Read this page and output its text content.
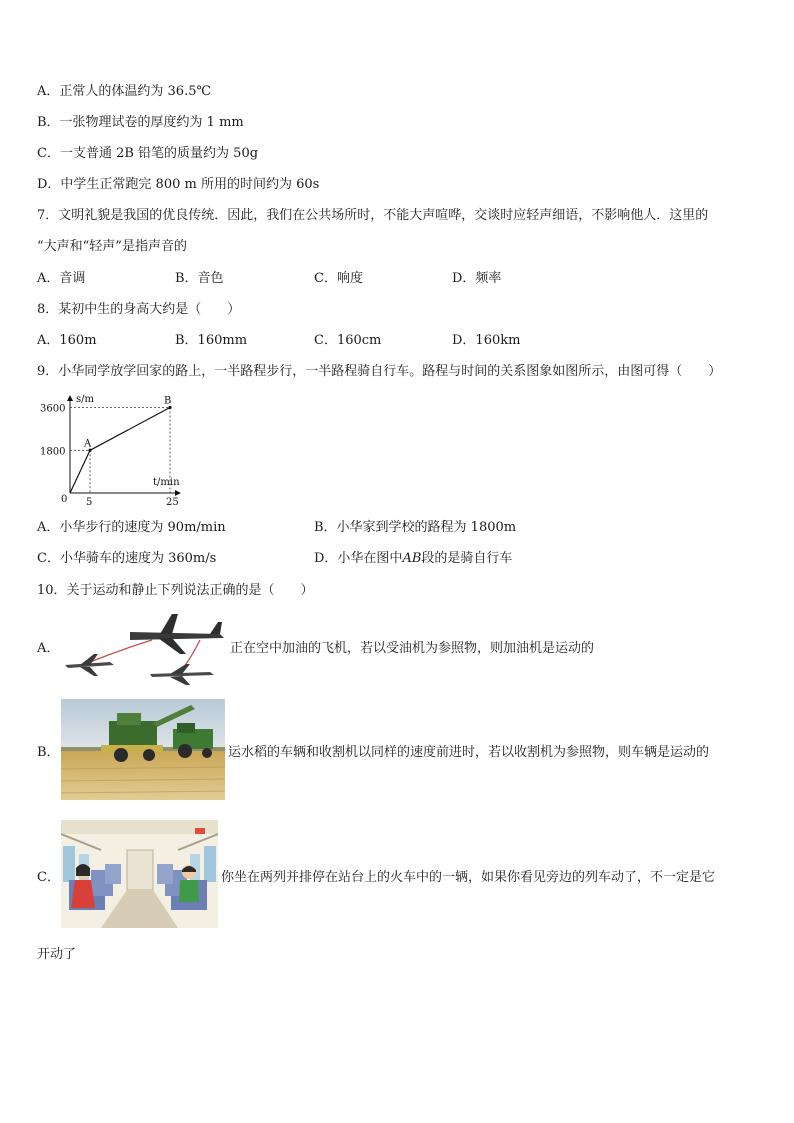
A．正常人的体温约为 36.5℃
B．一张物理试卷的厚度约为 1 mm
C．一支普通 2B 铅笔的质量约为 50g
D．中学生正常跑完 800 m 所用的时间约为 60s
7．文明礼貌是我国的优良传统．因此，我们在公共场所时，不能大声喧哗，交谈时应轻声细语，不影响他人．这里的
“大声和“轻声”是指声音的
A．音调	B．音色	C．响度	D．频率
8．某初中生的身高大约是（　　）
A．160m	B．160mm	C．160cm	D．160km
9．小华同学放学回家的路上，一半路程步行，一半路程骑自行车。路程与时间的关系图象如图所示，由图可得（　　）
s/m
t/min
0
A
B
5	25
1800
3600
A．小华步行的速度为 90m/min	B．小华家到学校的路程为 1800m
C．小华骑车的速度为 360m/s	D．小华在图中AB段的是骑自行车
10．关于运动和静止下列说法正确的是（　　）
A．	正在空中加油的飞机，若以受油机为参照物，则加油机是运动的
B．	运水稻的车辆和收割机以同样的速度前进时，若以收割机为参照物，则车辆是运动的
C．	你坐在两列并排停在站台上的火车中的一辆，如果你看见旁边的列车动了，不一定是它
开动了
